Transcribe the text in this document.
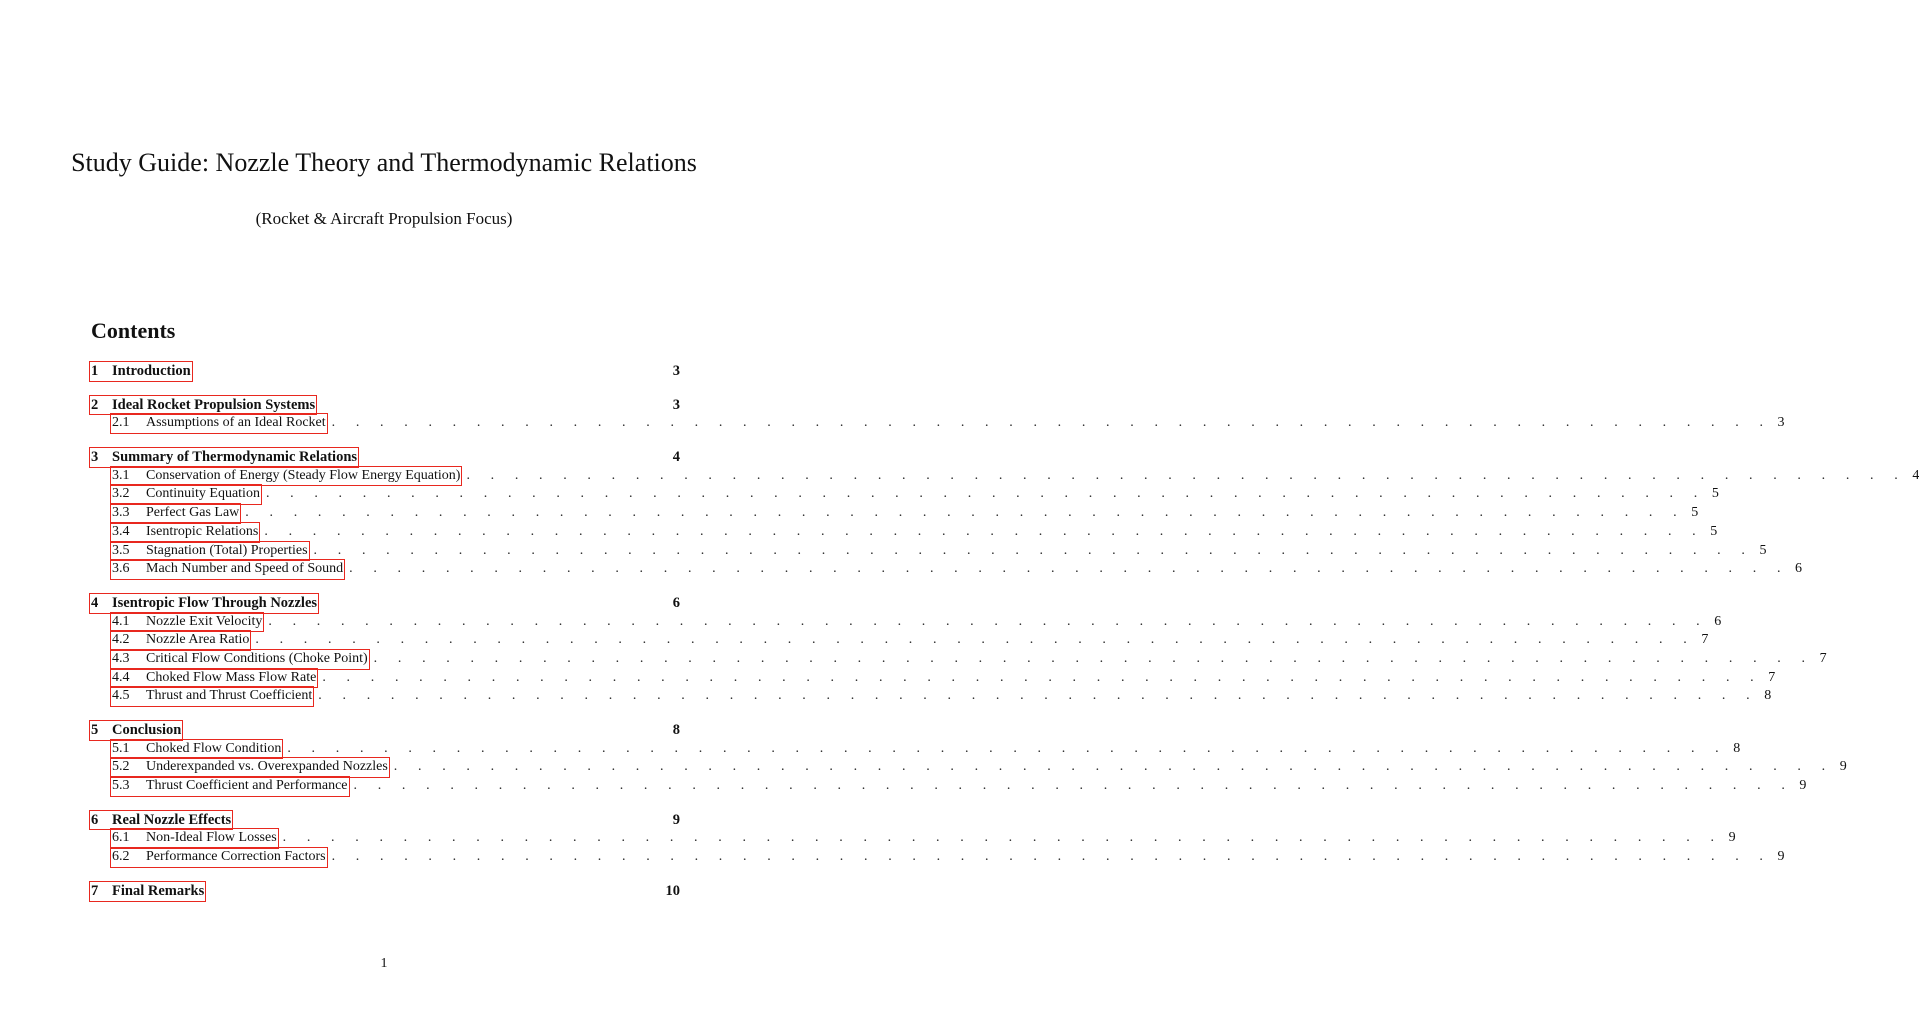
Study Guide: Nozzle Theory and Thermodynamic Relations
(Rocket & Aircraft Propulsion Focus)
Contents
1 Introduction	3
2 Ideal Rocket Propulsion Systems	3
2.1 Assumptions of an Ideal Rocket . . . . . . . . . . . . . . . . . . . . . . . . . . . . . . . . . . . . . . . . . . . . . . . . . . . . . . . . . . . . 3
3 Summary of Thermodynamic Relations	4
3.1 Conservation of Energy (Steady Flow Energy Equation) . . . . . . . . . . . . . . . . . . . . . . . . . . . . . . . . . . . . . . . . . . . . . . . . . . . . . . . . . . . . 4
3.2 Continuity Equation . . . . . . . . . . . . . . . . . . . . . . . . . . . . . . . . . . . . . . . . . . . . . . . . . . . . . . . . . . . . 5
3.3 Perfect Gas Law . . . . . . . . . . . . . . . . . . . . . . . . . . . . . . . . . . . . . . . . . . . . . . . . . . . . . . . . . . . . 5
3.4 Isentropic Relations . . . . . . . . . . . . . . . . . . . . . . . . . . . . . . . . . . . . . . . . . . . . . . . . . . . . . . . . . . . . 5
3.5 Stagnation (Total) Properties . . . . . . . . . . . . . . . . . . . . . . . . . . . . . . . . . . . . . . . . . . . . . . . . . . . . . . . . . . . . 5
3.6 Mach Number and Speed of Sound . . . . . . . . . . . . . . . . . . . . . . . . . . . . . . . . . . . . . . . . . . . . . . . . . . . . . . . . . . . . 6
4 Isentropic Flow Through Nozzles	6
4.1 Nozzle Exit Velocity . . . . . . . . . . . . . . . . . . . . . . . . . . . . . . . . . . . . . . . . . . . . . . . . . . . . . . . . . . . . 6
4.2 Nozzle Area Ratio . . . . . . . . . . . . . . . . . . . . . . . . . . . . . . . . . . . . . . . . . . . . . . . . . . . . . . . . . . . . 7
4.3 Critical Flow Conditions (Choke Point) . . . . . . . . . . . . . . . . . . . . . . . . . . . . . . . . . . . . . . . . . . . . . . . . . . . . . . . . . . . . 7
4.4 Choked Flow Mass Flow Rate . . . . . . . . . . . . . . . . . . . . . . . . . . . . . . . . . . . . . . . . . . . . . . . . . . . . . . . . . . . . 7
4.5 Thrust and Thrust Coefficient . . . . . . . . . . . . . . . . . . . . . . . . . . . . . . . . . . . . . . . . . . . . . . . . . . . . . . . . . . . . 8
5 Conclusion	8
5.1 Choked Flow Condition . . . . . . . . . . . . . . . . . . . . . . . . . . . . . . . . . . . . . . . . . . . . . . . . . . . . . . . . . . . . 8
5.2 Underexpanded vs. Overexpanded Nozzles . . . . . . . . . . . . . . . . . . . . . . . . . . . . . . . . . . . . . . . . . . . . . . . . . . . . . . . . . . . . 9
5.3 Thrust Coefficient and Performance . . . . . . . . . . . . . . . . . . . . . . . . . . . . . . . . . . . . . . . . . . . . . . . . . . . . . . . . . . . . 9
6 Real Nozzle Effects	9
6.1 Non-Ideal Flow Losses . . . . . . . . . . . . . . . . . . . . . . . . . . . . . . . . . . . . . . . . . . . . . . . . . . . . . . . . . . . . 9
6.2 Performance Correction Factors . . . . . . . . . . . . . . . . . . . . . . . . . . . . . . . . . . . . . . . . . . . . . . . . . . . . . . . . . . . . 9
7 Final Remarks	10
1
